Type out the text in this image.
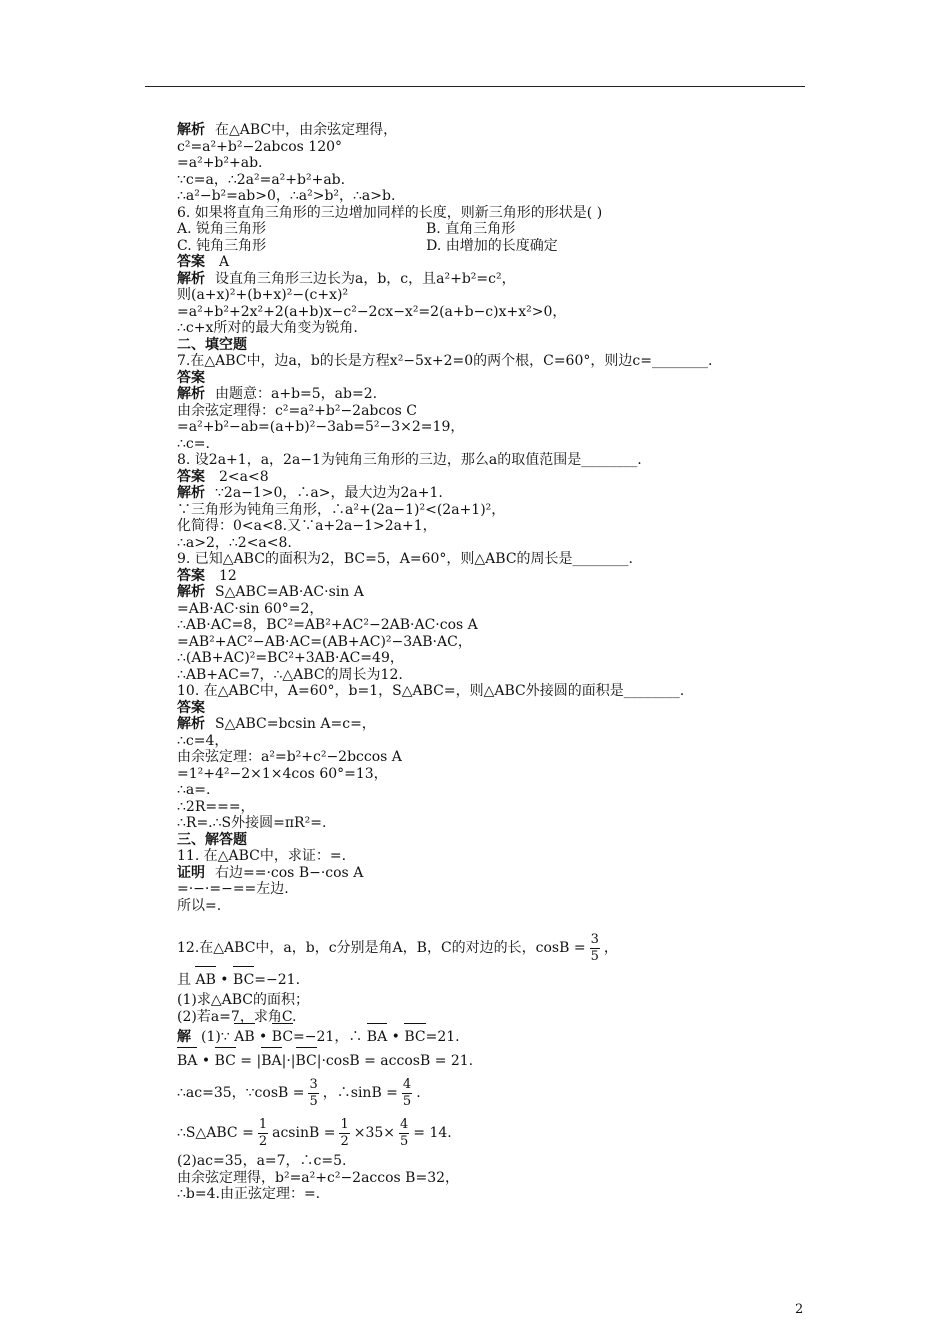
解析 在△ABC中，由余弦定理得，
c²=a²+b²−2abcos 120°
=a²+b²+ab.
∵c=a，∴2a²=a²+b²+ab.
∴a²−b²=ab>0，∴a²>b²，∴a>b.
6. 如果将直角三角形的三边增加同样的长度，则新三角形的形状是( )
A. 锐角三角形	B. 直角三角形
C. 钝角三角形	D. 由增加的长度确定
答案 A
解析 设直角三角形三边长为a，b，c，且a²+b²=c²，
则(a+x)²+(b+x)²−(c+x)²
=a²+b²+2x²+2(a+b)x−c²−2cx−x²=2(a+b−c)x+x²>0，
∴c+x所对的最大角变为锐角.
二、填空题
7.在△ABC中，边a，b的长是方程x²−5x+2=0的两个根，C=60°，则边c=________.
答案
解析 由题意：a+b=5，ab=2.
由余弦定理得：c²=a²+b²−2abcos C
=a²+b²−ab=(a+b)²−3ab=5²−3×2=19，
∴c=.
8. 设2a+1，a，2a−1为钝角三角形的三边，那么a的取值范围是________.
答案 2<a<8
解析 ∵2a−1>0，∴a>，最大边为2a+1.
∵三角形为钝角三角形，∴a²+(2a−1)²<(2a+1)²，
化简得：0<a<8.又∵a+2a−1>2a+1，
∴a>2，∴2<a<8.
9. 已知△ABC的面积为2，BC=5，A=60°，则△ABC的周长是________.
答案 12
解析 S△ABC=AB·AC·sin A
=AB·AC·sin 60°=2，
∴AB·AC=8，BC²=AB²+AC²−2AB·AC·cos A
=AB²+AC²−AB·AC=(AB+AC)²−3AB·AC，
∴(AB+AC)²=BC²+3AB·AC=49，
∴AB+AC=7，∴△ABC的周长为12.
10. 在△ABC中，A=60°，b=1，S△ABC=，则△ABC外接圆的面积是________.
答案
解析 S△ABC=bcsin A=c=，
∴c=4，
由余弦定理：a²=b²+c²−2bccos A
=1²+4²−2×1×4cos 60°=13，
∴a=.
∴2R===，
∴R=.∴S外接圆=πR²=.
三、解答题
11. 在△ABC中，求证：=.
证明 右边==·cos B−·cos A
=·−·=−==左边.
所以=.
12.在△ABC中，a，b，c分别是角A，B，C的对边的长，$\cos B = \frac{3}{5}$ ，
且 AB • BC=−21.
(1)求△ABC的面积；
(2)若a=7，求角C.
解 (1)∵ AB • BC=−21，∴ BA • BC=21.
BA • BC = |BA|·|BC|·cosB = accosB = 21.
∴ac=35，∵cosB = $\frac{3}{5}$ ，∴sinB = $\frac{4}{5}$ .
∴S△ABC = $\frac{1}{2}$ $acsinB = \frac{1}{2} \times 35\times \frac{4}{5} = 14$.
(2)ac=35，a=7，∴c=5.
由余弦定理得，b²=a²+c²−2accos B=32，
∴b=4.由正弦定理：=.
2
